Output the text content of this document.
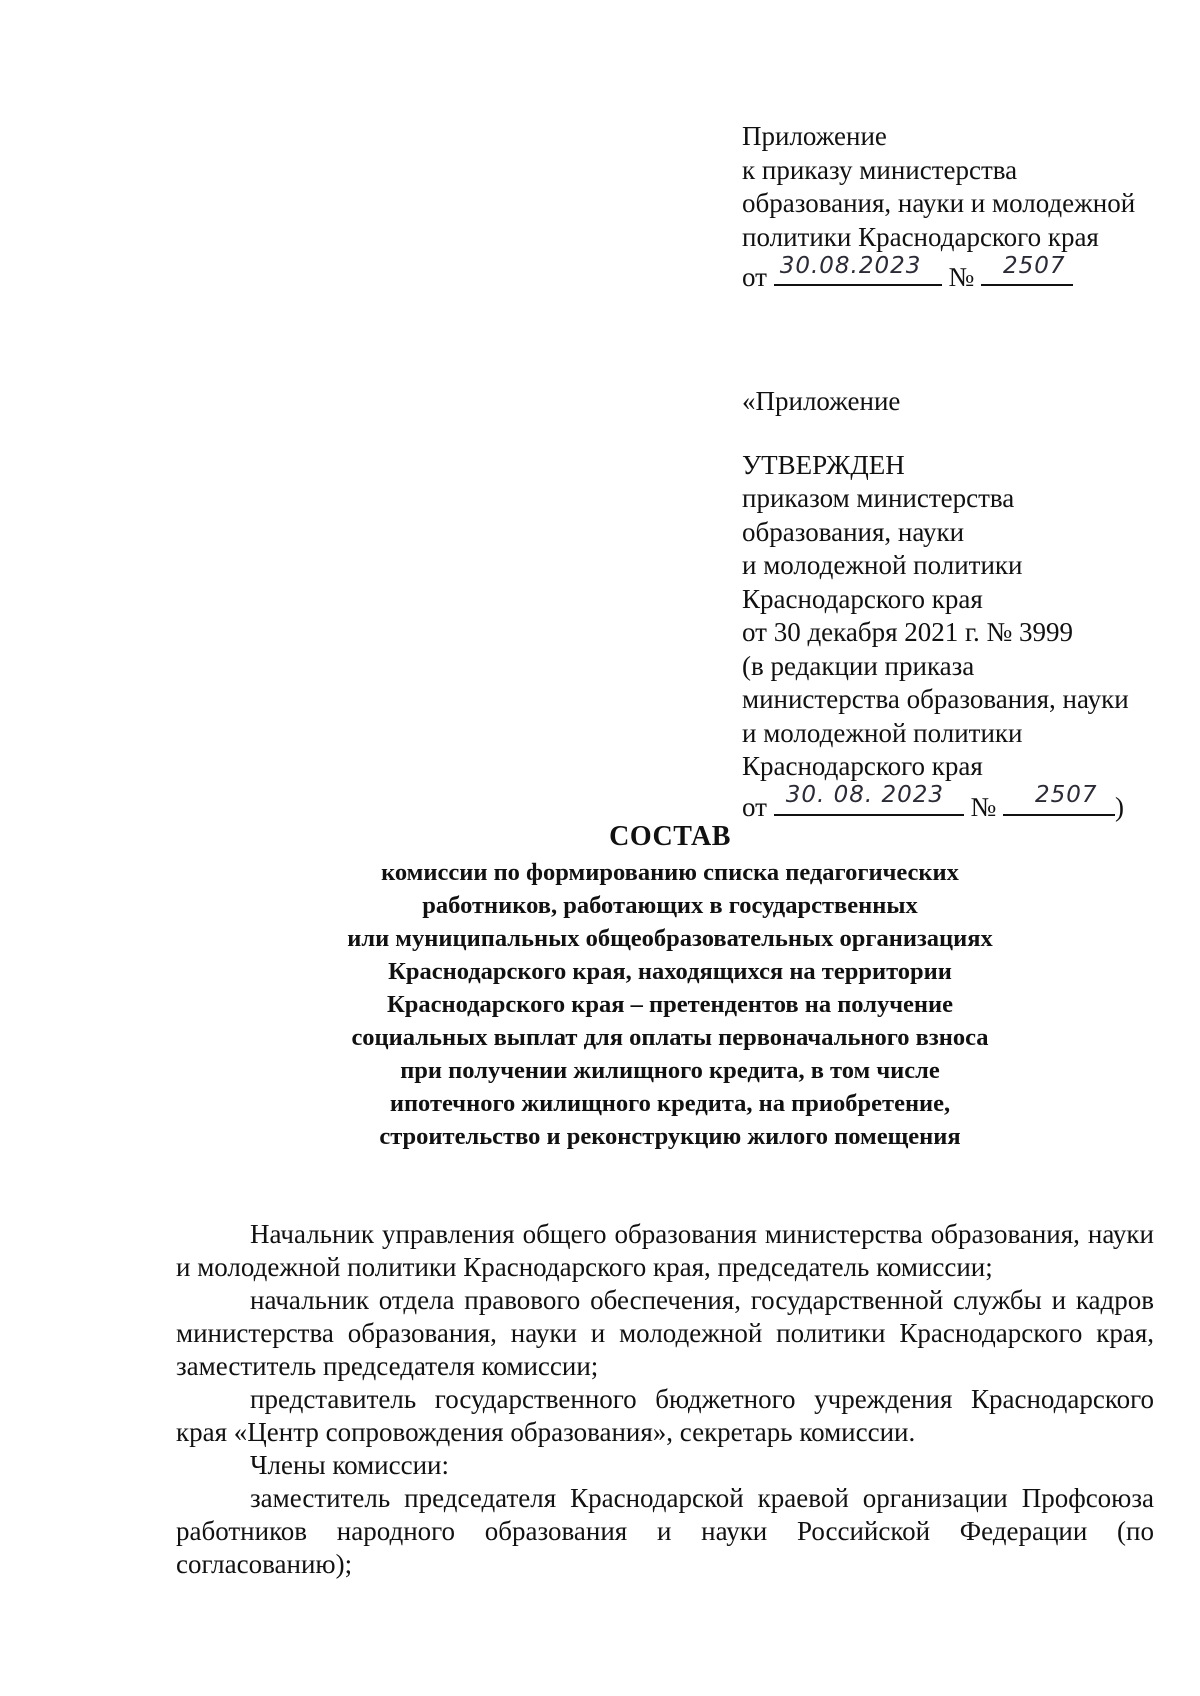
Приложение
к приказу министерства
образования, науки и молодежной
политики Краснодарского края
от 30.08.2023 № 2507
«Приложение
УТВЕРЖДЕН
приказом министерства
образования, науки
и молодежной политики
Краснодарского края
от 30 декабря 2021 г. № 3999
(в редакции приказа
министерства образования, науки
и молодежной политики
Краснодарского края
от 30. 08. 2023 № 2507 )
СОСТАВ
комиссии по формированию списка педагогических
работников, работающих в государственных
или муниципальных общеобразовательных организациях
Краснодарского края, находящихся на территории
Краснодарского края – претендентов на получение
социальных выплат для оплаты первоначального взноса
при получении жилищного кредита, в том числе
ипотечного жилищного кредита, на приобретение,
строительство и реконструкцию жилого помещения

Начальник управления общего образования министерства образования, науки и молодежной политики Краснодарского края, председатель комиссии;

начальник отдела правового обеспечения, государственной службы и кадров министерства образования, науки и молодежной политики Краснодарского края, заместитель председателя комиссии;

представитель государственного бюджетного учреждения Краснодарского края «Центр сопровождения образования», секретарь комиссии.

Члены комиссии:

заместитель председателя Краснодарской краевой организации Профсоюза работников народного образования и науки Российской Федерации (по согласованию);
